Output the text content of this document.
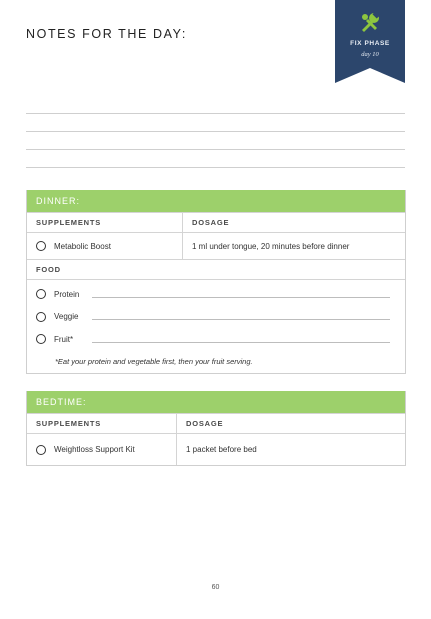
NOTES FOR THE DAY:
FIX PHASE
day 10
DINNER:
SUPPLEMENTS	DOSAGE
Metabolic Boost	1 ml under tongue, 20 minutes before dinner
FOOD
Protein
Veggie
Fruit*
*Eat your protein and vegetable first, then your fruit serving.
BEDTIME:
SUPPLEMENTS	DOSAGE
Weightloss Support Kit	1 packet before bed
60
